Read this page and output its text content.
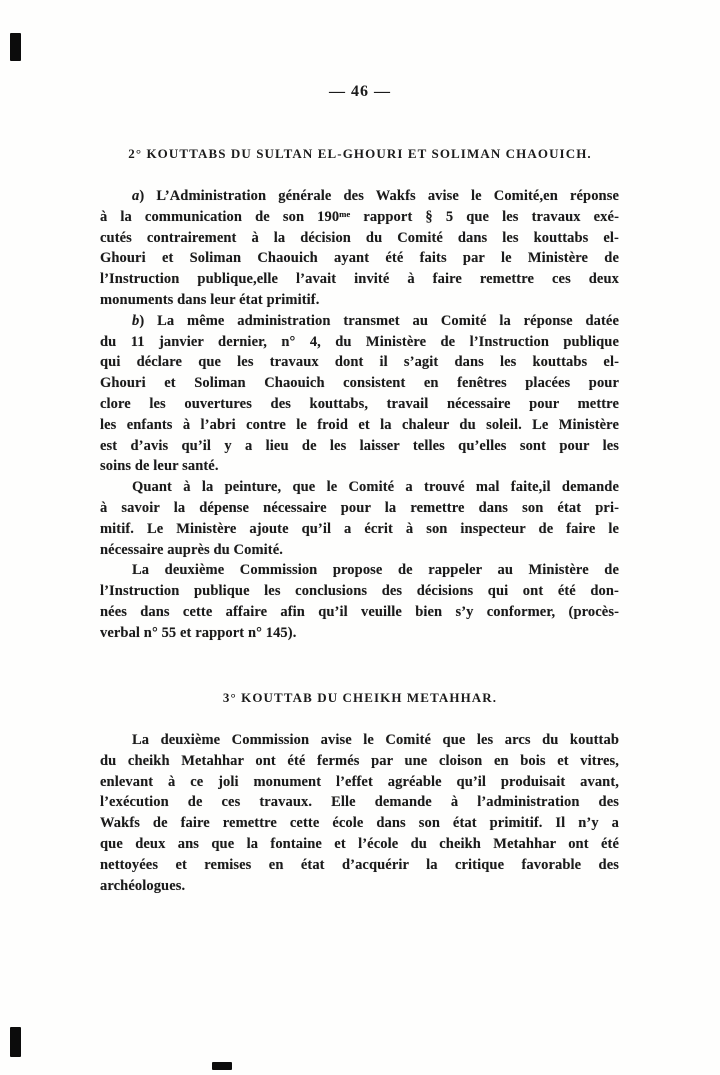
— 46 —
2° KOUTTABS DU SULTAN EL-GHOURI ET SOLIMAN CHAOUICH.
a) L’Administration générale des Wakfs avise le Comité,en réponse
à la communication de son 190ᵐᵉ rapport § 5 que les travaux exé-
cutés contrairement à la décision du Comité dans les kouttabs el-
Ghouri et Soliman Chaouich ayant été faits par le Ministère de
l’Instruction publique,elle l’avait invité à faire remettre ces deux
monuments dans leur état primitif.
b) La même administration transmet au Comité la réponse datée
du 11 janvier dernier, n° 4, du Ministère de l’Instruction publique
qui déclare que les travaux dont il s’agit dans les kouttabs el-
Ghouri et Soliman Chaouich consistent en fenêtres placées pour
clore les ouvertures des kouttabs, travail nécessaire pour mettre
les enfants à l’abri contre le froid et la chaleur du soleil. Le Ministère
est d’avis qu’il y a lieu de les laisser telles qu’elles sont pour les
soins de leur santé.
Quant à la peinture, que le Comité a trouvé mal faite,il demande
à savoir la dépense nécessaire pour la remettre dans son état pri-
mitif. Le Ministère ajoute qu’il a écrit à son inspecteur de faire le
nécessaire auprès du Comité.
La deuxième Commission propose de rappeler au Ministère de
l’Instruction publique les conclusions des décisions qui ont été don-
nées dans cette affaire afin qu’il veuille bien s’y conformer, (procès-
verbal n° 55 et rapport n° 145).
3° KOUTTAB DU CHEIKH METAHHAR.
La deuxième Commission avise le Comité que les arcs du kouttab
du cheikh Metahhar ont été fermés par une cloison en bois et vitres,
enlevant à ce joli monument l’effet agréable qu’il produisait avant,
l’exécution de ces travaux. Elle demande à l’administration des
Wakfs de faire remettre cette école dans son état primitif. Il n’y a
que deux ans que la fontaine et l’école du cheikh Metahhar ont été
nettoyées et remises en état d’acquérir la critique favorable des
archéologues.
